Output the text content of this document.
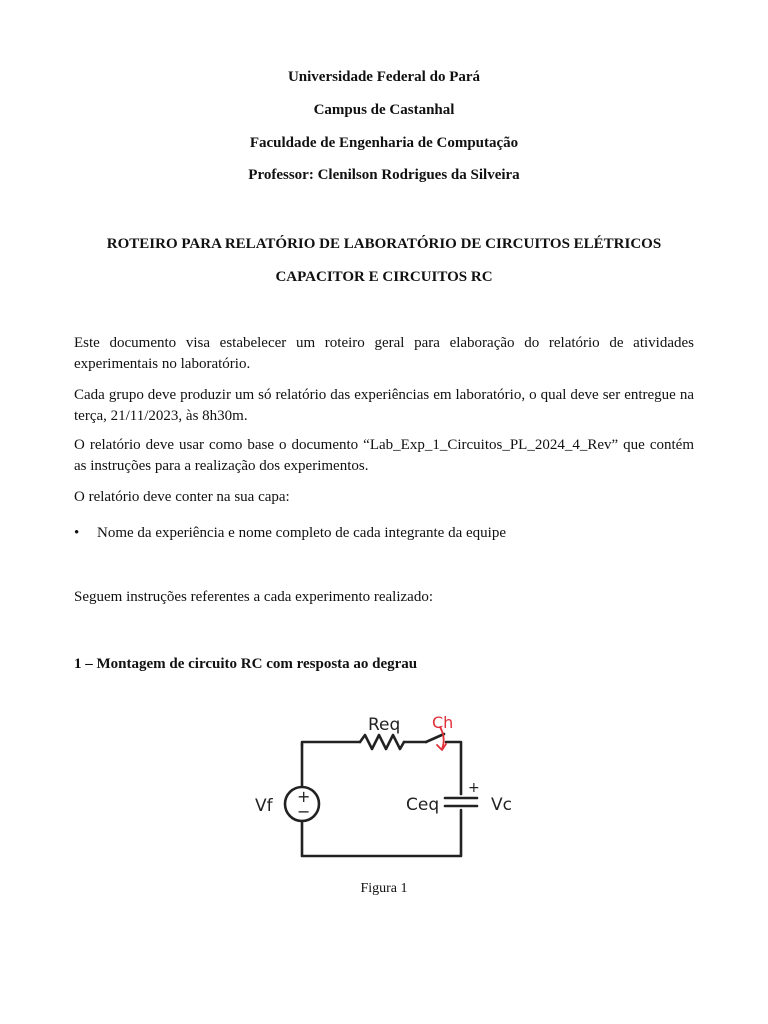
Universidade Federal do Pará
Campus de Castanhal
Faculdade de Engenharia de Computação
Professor: Clenilson Rodrigues da Silveira
ROTEIRO PARA RELATÓRIO DE LABORATÓRIO DE CIRCUITOS ELÉTRICOS
CAPACITOR E CIRCUITOS RC
Este documento visa estabelecer um roteiro geral para elaboração do relatório de atividades experimentais no laboratório.
Cada grupo deve produzir um só relatório das experiências em laboratório, o qual deve ser entregue na terça, 21/11/2023, às 8h30m.
O relatório deve usar como base o documento “Lab_Exp_1_Circuitos_PL_2024_4_Rev” que contém as instruções para a realização dos experimentos.
O relatório deve conter na sua capa:
•	Nome da experiência e nome completo de cada integrante da equipe
Seguem instruções referentes a cada experimento realizado:
1 – Montagem de circuito RC com resposta ao degrau
Req Ch
Vf	Ceq	Vc
+
−
+
Figura 1
